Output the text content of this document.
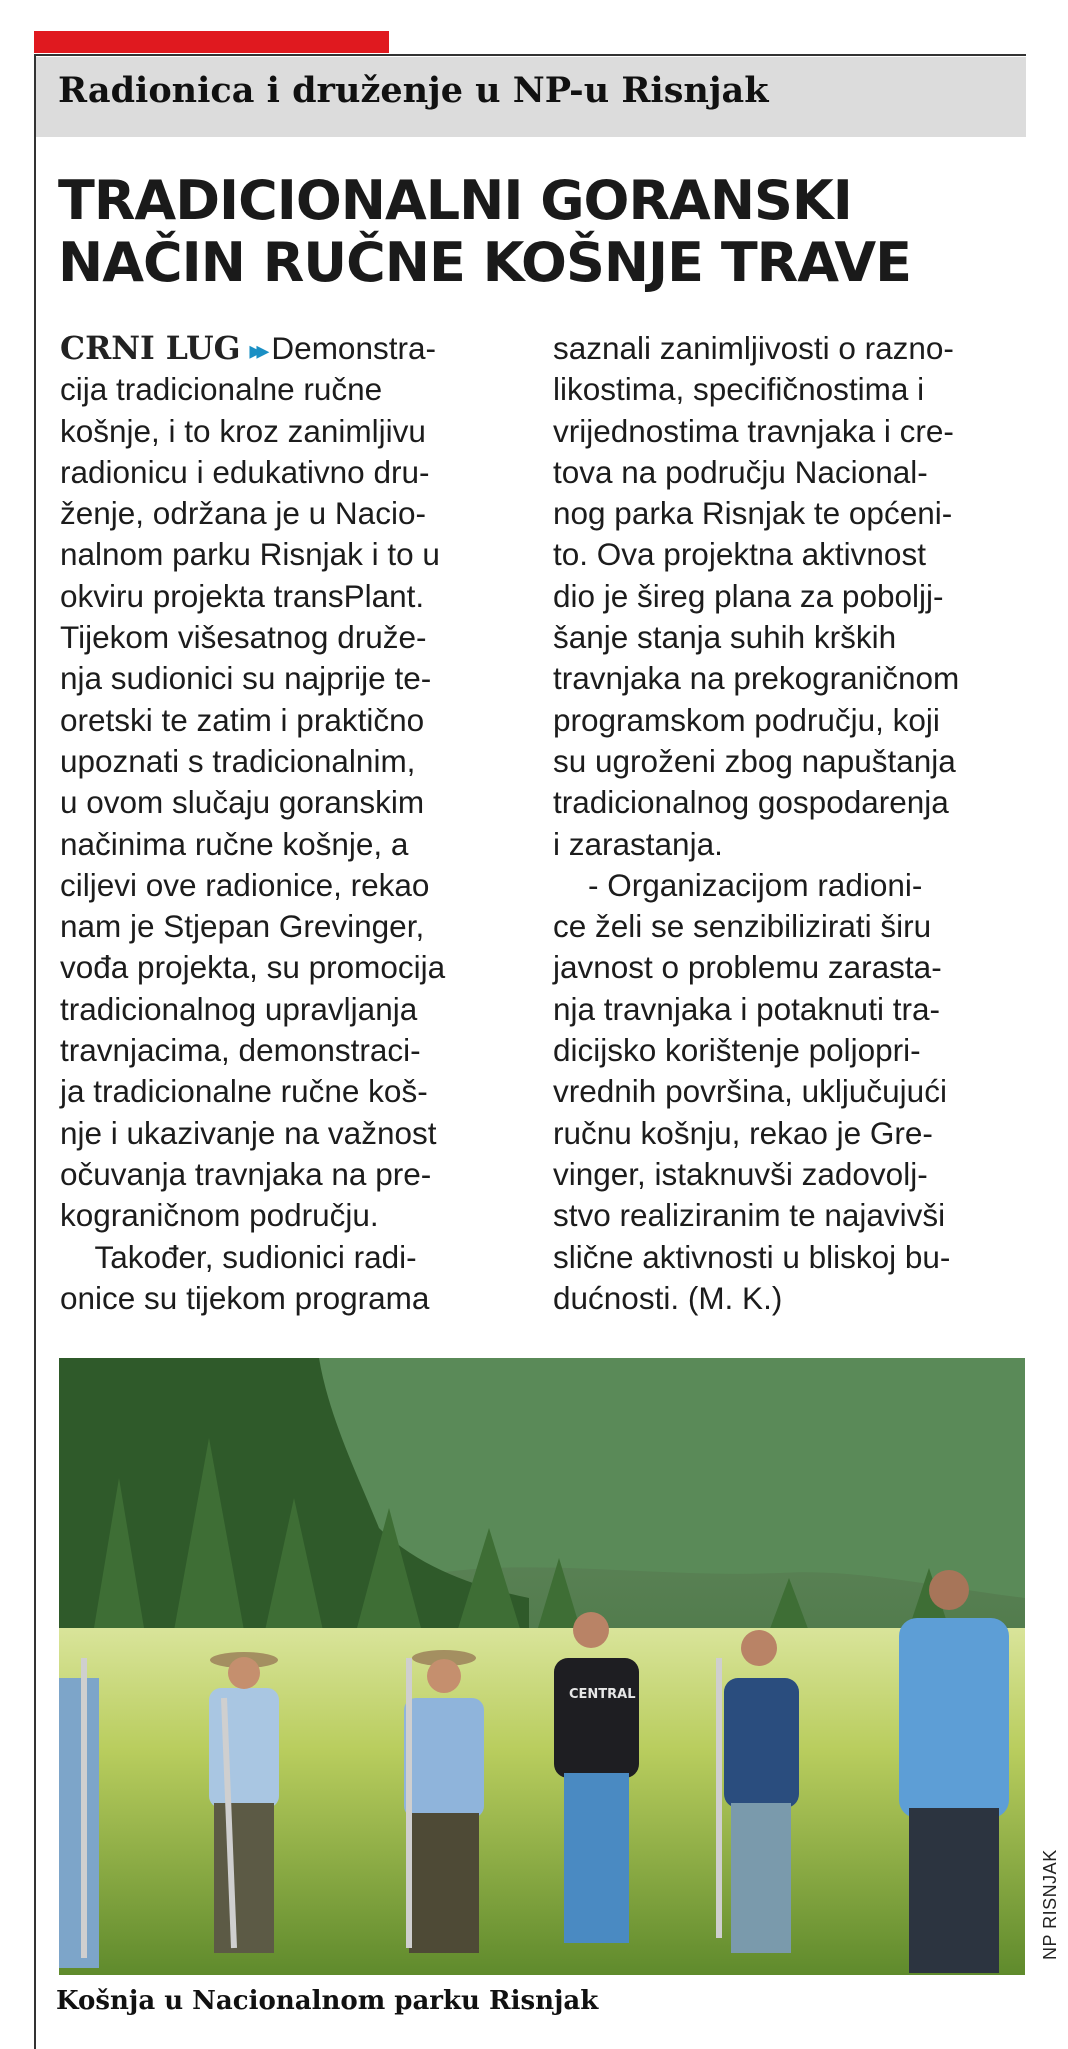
Radionica i druženje u NP-u Risnjak
TRADICIONALNI GORANSKI
NAČIN RUČNE KOŠNJE TRAVE
CRNI LUG ▸▸ Demonstra-
cija tradicionalne ručne
košnje, i to kroz zanimljivu
radionicu i edukativno dru-
ženje, održana je u Nacio-
nalnom parku Risnjak i to u
okviru projekta transPlant.
Tijekom višesatnog druže-
nja sudionici su najprije te-
oretski te zatim i praktično
upoznati s tradicionalnim,
u ovom slučaju goranskim
načinima ručne košnje, a
ciljevi ove radionice, rekao
nam je Stjepan Grevinger,
vođa projekta, su promocija
tradicionalnog upravljanja
travnjacima, demonstraci-
ja tradicionalne ručne koš-
nje i ukazivanje na važnost
očuvanja travnjaka na pre-
kograničnom području.
Također, sudionici radi-
onice su tijekom programa
saznali zanimljivosti o razno-
likostima, specifičnostima i
vrijednostima travnjaka i cre-
tova na području Nacional-
nog parka Risnjak te općeni-
to. Ova projektna aktivnost
dio je šireg plana za poboljj-
šanje stanja suhih krških
travnjaka na prekograničnom
programskom području, koji
su ugroženi zbog napuštanja
tradicionalnog gospodarenja
i zarastanja.
- Organizacijom radioni-
ce želi se senzibilizirati širu
javnost o problemu zarasta-
nja travnjaka i potaknuti tra-
dicijsko korištenje poljopri-
vrednih površina, uključujući
ručnu košnju, rekao je Gre-
vinger, istaknuvši zadovolj-
stvo realiziranim te najavivši
slične aktivnosti u bliskoj bu-
dućnosti. (M. K.)
CENTRAL
NP RISNJAK

Košnja u Nacionalnom parku Risnjak
